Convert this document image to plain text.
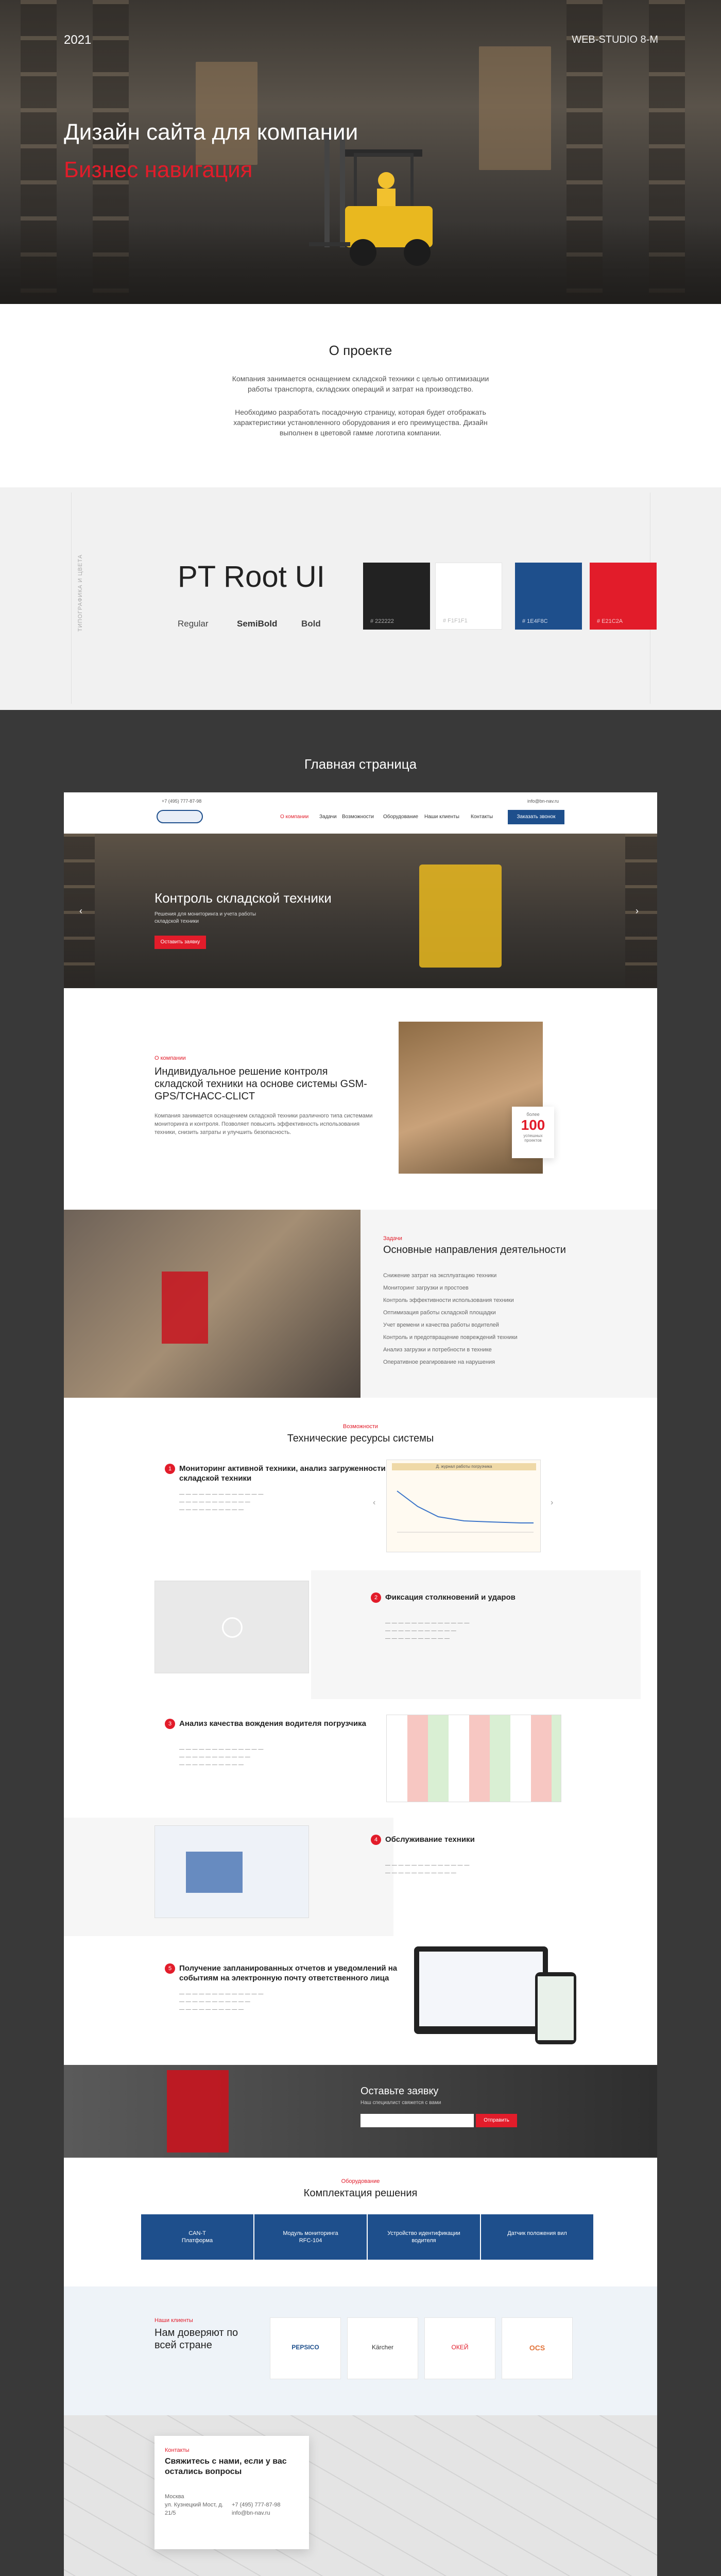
2021	WEB-STUDIO 8-M
Дизайн сайта для компании
Бизнес навигация
О проекте

Компания занимается оснащением складской техники с целью оптимизации работы транспорта, складских операций и затрат на производство.

Необходимо разработать посадочную страницу, которая будет отображать характеристики установленного оборудования и его преимущества. Дизайн выполнен в цветовой гамме логотипа компании.

ТИПОГРАФИКА И ЦВЕТА	PT Root UI
Regular	SemiBold	Bold	# 222222	# F1F1F1	# 1E4F8C	# E21C2A
Главная страница
+7 (495) 777-87-98	info@bn-nav.ru
О компании Задачи Возможности Оборудование Наши клиенты Контакты	Заказать звонок
Контроль складской техники
Решения для мониторинга и учета работы складской техники
Оставить заявку
‹	›
О компании
Индивидуальное решение контроля складской техники на основе системы GSM-GPS/ТСНАСС-CLICT
Компания занимается оснащением складской техники различного типа системами мониторинга и контроля. Позволяет повысить эффективность использования техники, снизить затраты и улучшить безопасность.
более
100
успешных проектов
Задачи
Основные направления деятельности
Снижение затрат на эксплуатацию техники
Мониторинг загрузки и простоев
Контроль эффективности использования техники
Оптимизация работы складской площадки
Учет времени и качества работы водителей
Контроль и предотвращение повреждений техники
Анализ загрузки и потребности в технике
Оперативное реагирование на нарушения
Возможности
Технические ресурсы системы
1 Мониторинг активной техники, анализ загруженности складской техники
— — — — — — — — — — — — —
— — — — — — — — — — —
— — — — — — — — — —
Д. журнал работы погрузчика
‹	›
2 Фиксация столкновений и ударов
— — — — — — — — — — — — —
— — — — — — — — — — —
— — — — — — — — — —
3 Анализ качества вождения водителя погрузчика
— — — — — — — — — — — — —
— — — — — — — — — — —
— — — — — — — — — —
4 Обслуживание техники
— — — — — — — — — — — — —
— — — — — — — — — — —
5 Получение запланированных отчетов и уведомлений на событиям на электронную почту ответственного лица
— — — — — — — — — — — — —
— — — — — — — — — — —
— — — — — — — — — —
Оставьте заявку
Наш специалист свяжется с вами
Отправить
Оборудование
Комплектация решения
CAN-T
Платформа
Модуль мониторинга
RFC-104
Устройство идентификации
водителя
Датчик положения вил
Наши клиенты
Нам доверяют по всей стране	PEPSICO	Kärcher	ОКЕЙ	OCS
Контакты
Свяжитесь с нами, если у вас остались вопросы
Москва
ул. Кузнецкий Мост, д. 21/5
+7 (495) 777-87-98
info@bn-nav.ru
